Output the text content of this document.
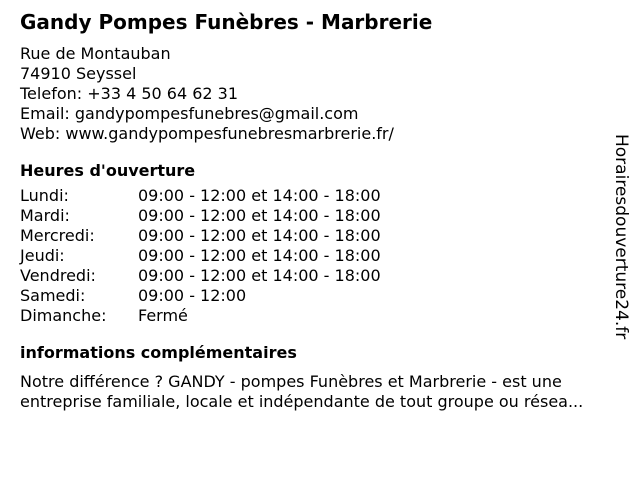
Gandy Pompes Funèbres - Marbrerie
Rue de Montauban
74910 Seyssel
Telefon: +33 4 50 64 62 31
Email: gandypompesfunebres@gmail.com
Web: www.gandypompesfunebresmarbrerie.fr/
Heures d'ouverture
Lundi:	09:00 - 12:00 et 14:00 - 18:00
Mardi:	09:00 - 12:00 et 14:00 - 18:00
Mercredi:	09:00 - 12:00 et 14:00 - 18:00
Jeudi:	09:00 - 12:00 et 14:00 - 18:00
Vendredi:	09:00 - 12:00 et 14:00 - 18:00
Samedi:	09:00 - 12:00
Dimanche: Fermé
informations complémentaires
Notre différence ? GANDY - pompes Funèbres et Marbrerie - est une
entreprise familiale, locale et indépendante de tout groupe ou résea...
Horairesdouverture24.fr
